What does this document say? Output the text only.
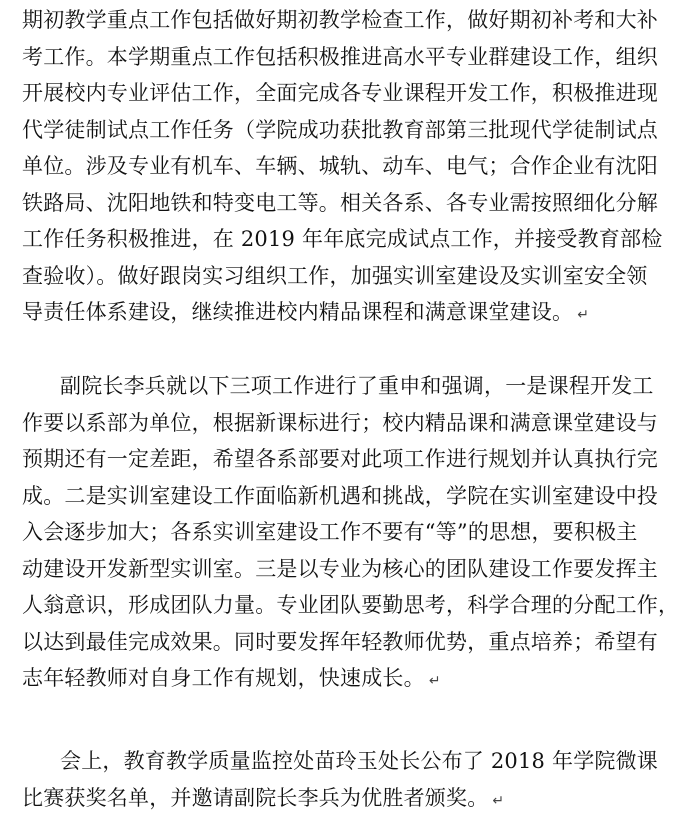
期初教学重点工作包括做好期初教学检查工作，做好期初补考和大补
考工作。本学期重点工作包括积极推进高水平专业群建设工作，组织
开展校内专业评估工作，全面完成各专业课程开发工作，积极推进现
代学徒制试点工作任务（学院成功获批教育部第三批现代学徒制试点
单位。涉及专业有机车、车辆、城轨、动车、电气；合作企业有沈阳
铁路局、沈阳地铁和特变电工等。相关各系、各专业需按照细化分解
工作任务积极推进，在 2019 年年底完成试点工作，并接受教育部检
查验收）。做好跟岗实习组织工作，加强实训室建设及实训室安全领
导责任体系建设，继续推进校内精品课程和满意课堂建设。 ↵
副院长李兵就以下三项工作进行了重申和强调，一是课程开发工
作要以系部为单位，根据新课标进行；校内精品课和满意课堂建设与
预期还有一定差距，希望各系部要对此项工作进行规划并认真执行完
成。二是实训室建设工作面临新机遇和挑战，学院在实训室建设中投
入会逐步加大；各系实训室建设工作不要有“等”的思想，要积极主
动建设开发新型实训室。三是以专业为核心的团队建设工作要发挥主
人翁意识，形成团队力量。专业团队要勤思考，科学合理的分配工作，
以达到最佳完成效果。同时要发挥年轻教师优势，重点培养；希望有
志年轻教师对自身工作有规划，快速成长。 ↵
会上，教育教学质量监控处苗玲玉处长公布了 2018 年学院微课
比赛获奖名单，并邀请副院长李兵为优胜者颁奖。 ↵
